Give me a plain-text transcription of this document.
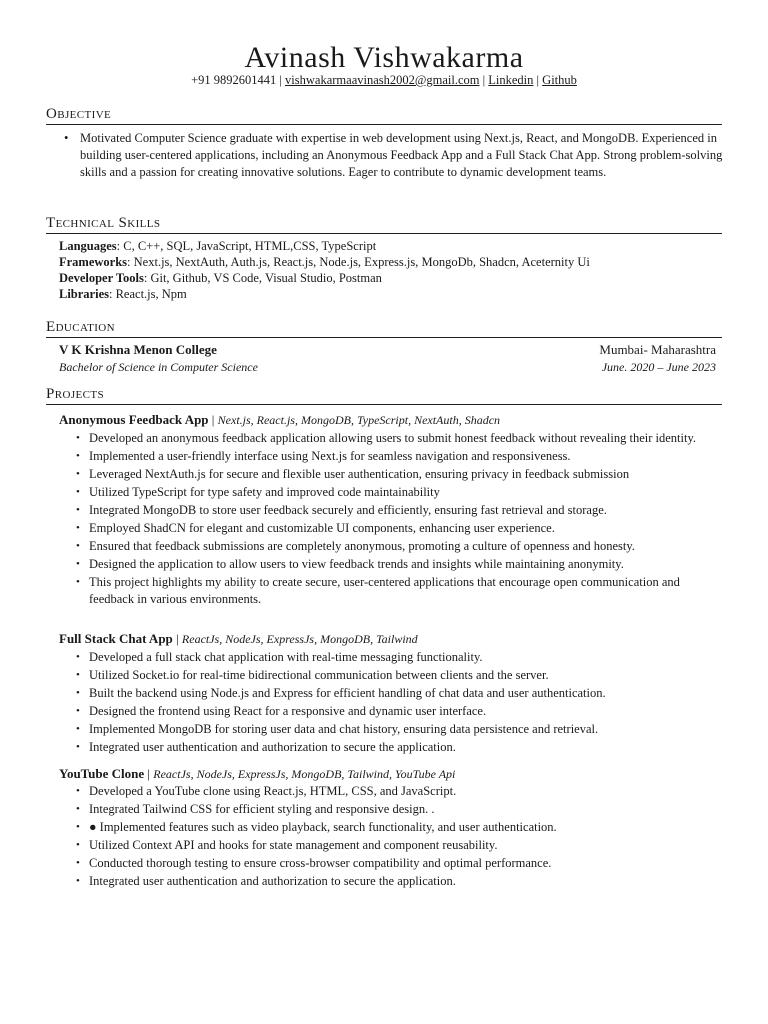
Avinash Vishwakarma
+91 9892601441 | vishwakarmaavinash2002@gmail.com | Linkedin | Github
Objective
• Motivated Computer Science graduate with expertise in web development using Next.js, React, and MongoDB. Experienced in building user-centered applications, including an Anonymous Feedback App and a Full Stack Chat App. Strong problem-solving skills and a passion for creating innovative solutions. Eager to contribute to dynamic development teams.
Technical Skills
Languages: C, C++, SQL, JavaScript, HTML,CSS, TypeScript
Frameworks: Next.js, NextAuth, Auth.js, React.js, Node.js, Express.js, MongoDb, Shadcn, Aceternity Ui
Developer Tools: Git, Github, VS Code, Visual Studio, Postman
Libraries: React.js, Npm
Education
V K Krishna Menon College	Mumbai- Maharashtra
Bachelor of Science in Computer Science	June. 2020 – June 2023
Projects
Anonymous Feedback App | Next.js, React.js, MongoDB, TypeScript, NextAuth, Shadcn
• Developed an anonymous feedback application allowing users to submit honest feedback without revealing their identity.
• Implemented a user-friendly interface using Next.js for seamless navigation and responsiveness.
• Leveraged NextAuth.js for secure and flexible user authentication, ensuring privacy in feedback submission
• Utilized TypeScript for type safety and improved code maintainability
• Integrated MongoDB to store user feedback securely and efficiently, ensuring fast retrieval and storage.
• Employed ShadCN for elegant and customizable UI components, enhancing user experience.
• Ensured that feedback submissions are completely anonymous, promoting a culture of openness and honesty.
• Designed the application to allow users to view feedback trends and insights while maintaining anonymity.
• This project highlights my ability to create secure, user-centered applications that encourage open communication and feedback in various environments.
Full Stack Chat App | ReactJs, NodeJs, ExpressJs, MongoDB, Tailwind
• Developed a full stack chat application with real-time messaging functionality.
• Utilized Socket.io for real-time bidirectional communication between clients and the server.
• Built the backend using Node.js and Express for efficient handling of chat data and user authentication.
• Designed the frontend using React for a responsive and dynamic user interface.
• Implemented MongoDB for storing user data and chat history, ensuring data persistence and retrieval.
• Integrated user authentication and authorization to secure the application.
YouTube Clone | ReactJs, NodeJs, ExpressJs, MongoDB, Tailwind, YouTube Api
• Developed a YouTube clone using React.js, HTML, CSS, and JavaScript.
• Integrated Tailwind CSS for efficient styling and responsive design. .
• ● Implemented features such as video playback, search functionality, and user authentication.
• Utilized Context API and hooks for state management and component reusability.
• Conducted thorough testing to ensure cross-browser compatibility and optimal performance.
• Integrated user authentication and authorization to secure the application.
